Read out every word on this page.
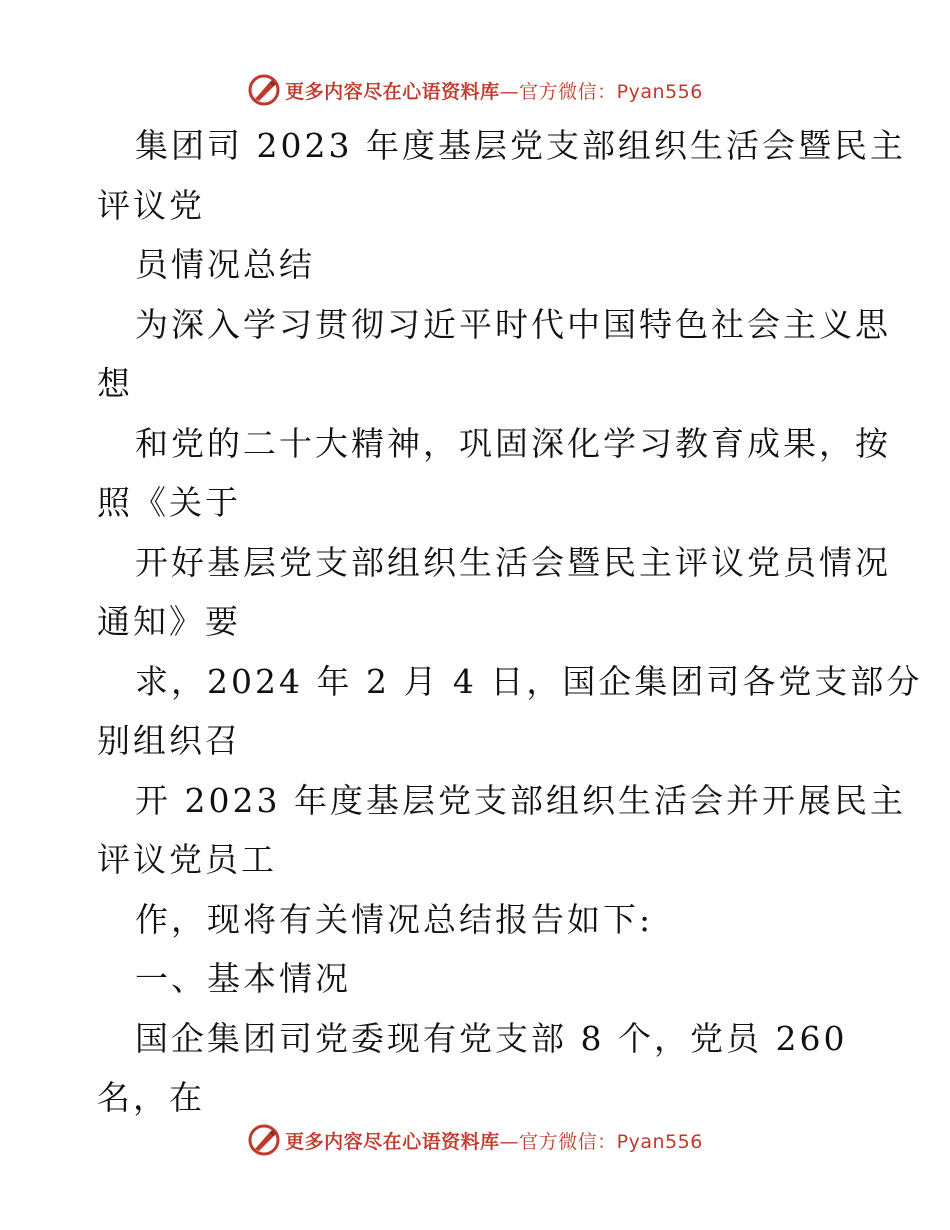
更多内容尽在心语资料库—官方微信：Pyan556
集团司 2023 年度基层党支部组织生活会暨民主
评议党
员情况总结
为深入学习贯彻习近平时代中国特色社会主义思
想
和党的二十大精神，巩固深化学习教育成果，按
照《关于
开好基层党支部组织生活会暨民主评议党员情况
通知》要
求，2024 年 2 月 4 日，国企集团司各党支部分
别组织召
开 2023 年度基层党支部组织生活会并开展民主
评议党员工
作，现将有关情况总结报告如下:
一、基本情况
国企集团司党委现有党支部 8 个，党员 260
名，在
更多内容尽在心语资料库—官方微信：Pyan556
